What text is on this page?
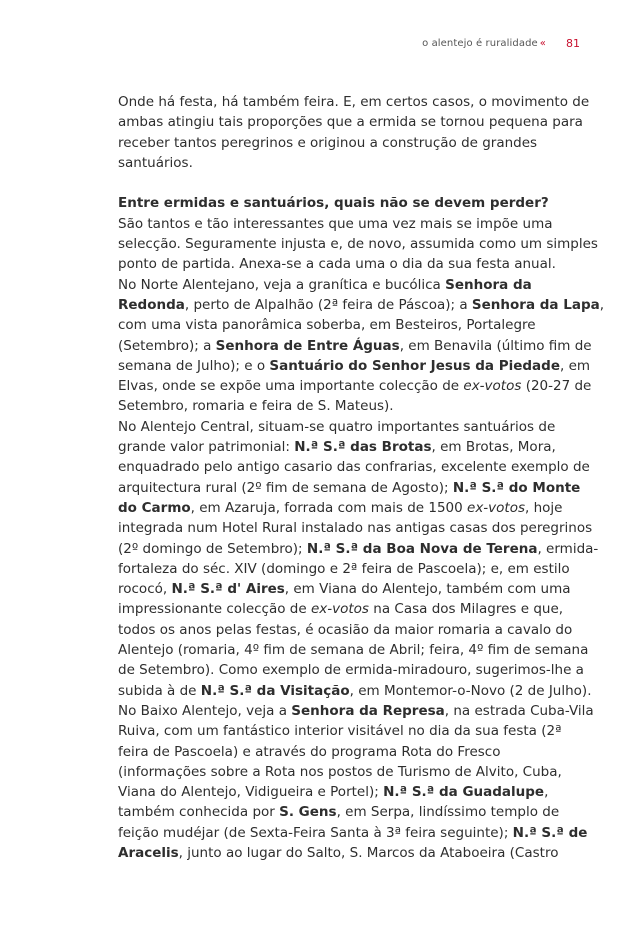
o alentejo é ruralidade « 81

Onde há festa, há também feira. E, em certos casos, o movimento de

ambas atingiu tais proporções que a ermida se tornou pequena para

receber tantos peregrinos e originou a construção de grandes

santuários.

Entre ermidas e santuários, quais não se devem perder?

São tantos e tão interessantes que uma vez mais se impõe uma

selecção. Seguramente injusta e, de novo, assumida como um simples

ponto de partida. Anexa-se a cada uma o dia da sua festa anual.

No Norte Alentejano, veja a granítica e bucólica Senhora da

Redonda, perto de Alpalhão (2ª feira de Páscoa); a Senhora da Lapa,

com uma vista panorâmica soberba, em Besteiros, Portalegre

(Setembro); a Senhora de Entre Águas, em Benavila (último fim de

semana de Julho); e o Santuário do Senhor Jesus da Piedade, em

Elvas, onde se expõe uma importante colecção de ex-votos (20-27 de

Setembro, romaria e feira de S. Mateus).

No Alentejo Central, situam-se quatro importantes santuários de

grande valor patrimonial: N.ª S.ª das Brotas, em Brotas, Mora,

enquadrado pelo antigo casario das confrarias, excelente exemplo de

arquitectura rural (2º fim de semana de Agosto); N.ª S.ª do Monte

do Carmo, em Azaruja, forrada com mais de 1500 ex-votos, hoje

integrada num Hotel Rural instalado nas antigas casas dos peregrinos

(2º domingo de Setembro); N.ª S.ª da Boa Nova de Terena, ermida-

fortaleza do séc. XIV (domingo e 2ª feira de Pascoela); e, em estilo

rococó, N.ª S.ª d' Aires, em Viana do Alentejo, também com uma

impressionante colecção de ex-votos na Casa dos Milagres e que,

todos os anos pelas festas, é ocasião da maior romaria a cavalo do

Alentejo (romaria, 4º fim de semana de Abril; feira, 4º fim de semana

de Setembro). Como exemplo de ermida-miradouro, sugerimos-lhe a

subida à de N.ª S.ª da Visitação, em Montemor-o-Novo (2 de Julho).

No Baixo Alentejo, veja a Senhora da Represa, na estrada Cuba-Vila

Ruiva, com um fantástico interior visitável no dia da sua festa (2ª

feira de Pascoela) e através do programa Rota do Fresco

(informações sobre a Rota nos postos de Turismo de Alvito, Cuba,

Viana do Alentejo, Vidigueira e Portel); N.ª S.ª da Guadalupe,

também conhecida por S. Gens, em Serpa, lindíssimo templo de

feição mudéjar (de Sexta-Feira Santa à 3ª feira seguinte); N.ª S.ª de

Aracelis, junto ao lugar do Salto, S. Marcos da Ataboeira (Castro
